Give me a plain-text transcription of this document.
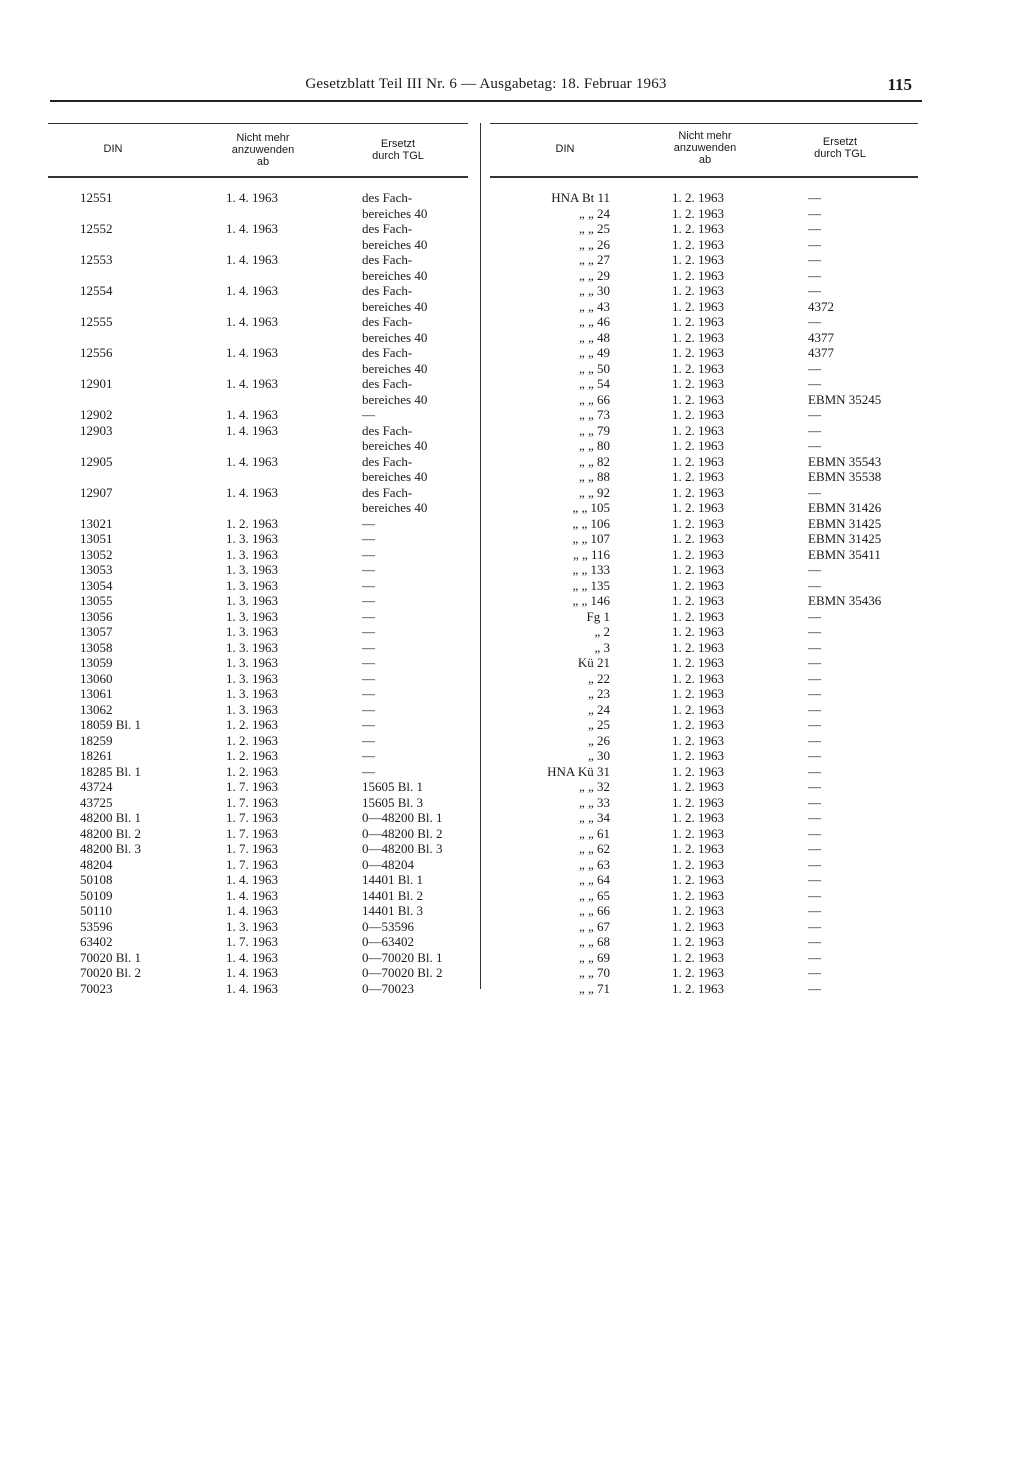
Gesetzblatt Teil III Nr. 6 — Ausgabetag: 18. Februar 1963	115
DIN
Nicht mehr
anzuwenden
ab
Ersetzt
durch TGL
12551	1. 4. 1963	des Fach-
bereiches 40
12552	1. 4. 1963	des Fach-
bereiches 40
12553	1. 4. 1963	des Fach-
bereiches 40
12554	1. 4. 1963	des Fach-
bereiches 40
12555	1. 4. 1963	des Fach-
bereiches 40
12556	1. 4. 1963	des Fach-
bereiches 40
12901	1. 4. 1963	des Fach-
bereiches 40
12902	1. 4. 1963	—
12903	1. 4. 1963	des Fach-
bereiches 40
12905	1. 4. 1963	des Fach-
bereiches 40
12907	1. 4. 1963	des Fach-
bereiches 40
13021	1. 2. 1963	—
13051	1. 3. 1963	—
13052	1. 3. 1963	—
13053	1. 3. 1963	—
13054	1. 3. 1963	—
13055	1. 3. 1963	—
13056	1. 3. 1963	—
13057	1. 3. 1963	—
13058	1. 3. 1963	—
13059	1. 3. 1963	—
13060	1. 3. 1963	—
13061	1. 3. 1963	—
13062	1. 3. 1963	—
18059 Bl. 1	1. 2. 1963	—
18259	1. 2. 1963	—
18261	1. 2. 1963	—
18285 Bl. 1	1. 2. 1963	—
43724	1. 7. 1963	15605 Bl. 1
43725	1. 7. 1963	15605 Bl. 3
48200 Bl. 1	1. 7. 1963	0—48200 Bl. 1
48200 Bl. 2	1. 7. 1963	0—48200 Bl. 2
48200 Bl. 3	1. 7. 1963	0—48200 Bl. 3
48204	1. 7. 1963	0—48204
50108	1. 4. 1963	14401 Bl. 1
50109	1. 4. 1963	14401 Bl. 2
50110	1. 4. 1963	14401 Bl. 3
53596	1. 3. 1963	0—53596
63402	1. 7. 1963	0—63402
70020 Bl. 1	1. 4. 1963	0—70020 Bl. 1
70020 Bl. 2	1. 4. 1963	0—70020 Bl. 2
70023	1. 4. 1963	0—70023
DIN
Nicht mehr
anzuwenden
ab
Ersetzt
durch TGL
HNA Bt 11	1. 2. 1963	—
„ „ 24	1. 2. 1963	—
„ „ 25	1. 2. 1963	—
„ „ 26	1. 2. 1963	—
„ „ 27	1. 2. 1963	—
„ „ 29	1. 2. 1963	—
„ „ 30	1. 2. 1963	—
„ „ 43	1. 2. 1963	4372
„ „ 46	1. 2. 1963	—
„ „ 48	1. 2. 1963	4377
„ „ 49	1. 2. 1963	4377
„ „ 50	1. 2. 1963	—
„ „ 54	1. 2. 1963	—
„ „ 66	1. 2. 1963	EBMN 35245
„ „ 73	1. 2. 1963	—
„ „ 79	1. 2. 1963	—
„ „ 80	1. 2. 1963	—
„ „ 82	1. 2. 1963	EBMN 35543
„ „ 88	1. 2. 1963	EBMN 35538
„ „ 92	1. 2. 1963	—
„ „ 105	1. 2. 1963	EBMN 31426
„ „ 106	1. 2. 1963	EBMN 31425
„ „ 107	1. 2. 1963	EBMN 31425
„ „ 116	1. 2. 1963	EBMN 35411
„ „ 133	1. 2. 1963	—
„ „ 135	1. 2. 1963	—
„ „ 146	1. 2. 1963	EBMN 35436
Fg 1	1. 2. 1963	—
„ 2	1. 2. 1963	—
„ 3	1. 2. 1963	—
Kü 21	1. 2. 1963	—
„ 22	1. 2. 1963	—
„ 23	1. 2. 1963	—
„ 24	1. 2. 1963	—
„ 25	1. 2. 1963	—
„ 26	1. 2. 1963	—
„ 30	1. 2. 1963	—
HNA Kü 31	1. 2. 1963	—
„ „ 32	1. 2. 1963	—
„ „ 33	1. 2. 1963	—
„ „ 34	1. 2. 1963	—
„ „ 61	1. 2. 1963	—
„ „ 62	1. 2. 1963	—
„ „ 63	1. 2. 1963	—
„ „ 64	1. 2. 1963	—
„ „ 65	1. 2. 1963	—
„ „ 66	1. 2. 1963	—
„ „ 67	1. 2. 1963	—
„ „ 68	1. 2. 1963	—
„ „ 69	1. 2. 1963	—
„ „ 70	1. 2. 1963	—
„ „ 71	1. 2. 1963	—
